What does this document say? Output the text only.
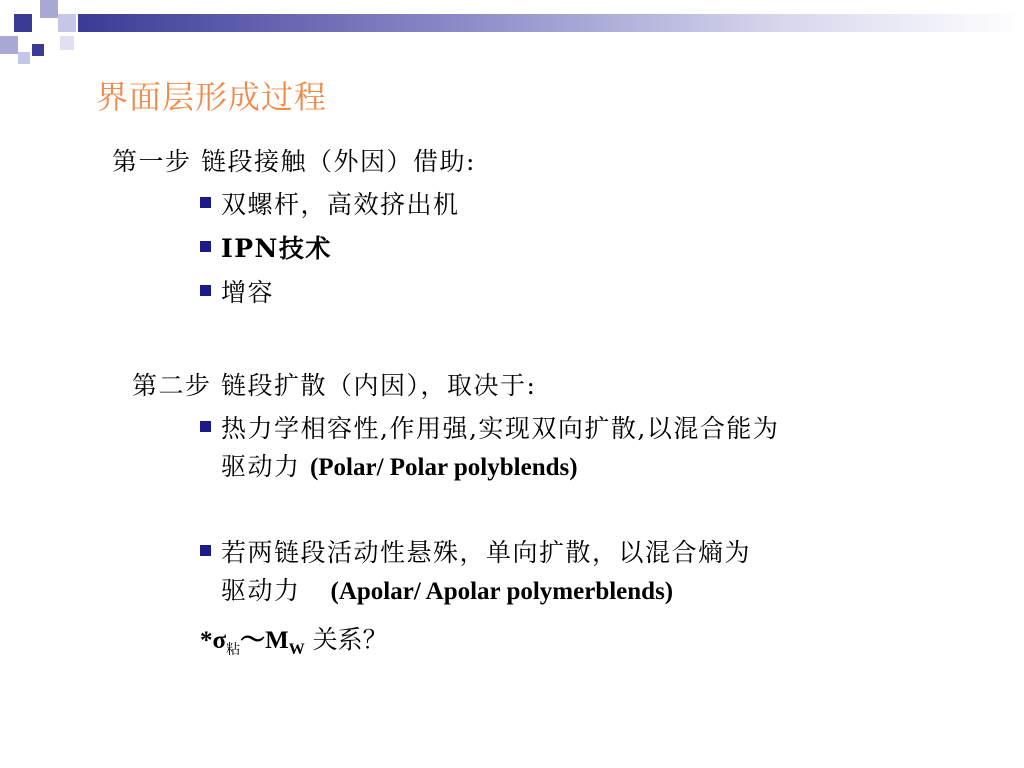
界面层形成过程
第一步 链段接触（外因）借助:
双螺杆，高效挤出机
IPN技术
增容
第二步 链段扩散（内因），取决于:
热力学相容性,作用强,实现双向扩散,以混合能为
驱动力 (Polar/ Polar polyblends)
若两链段活动性悬殊，单向扩散，以混合熵为
驱动力 (Apolar/ Apolar polymerblends)
$*\sigma_粘\sim M_W$ 关系？
